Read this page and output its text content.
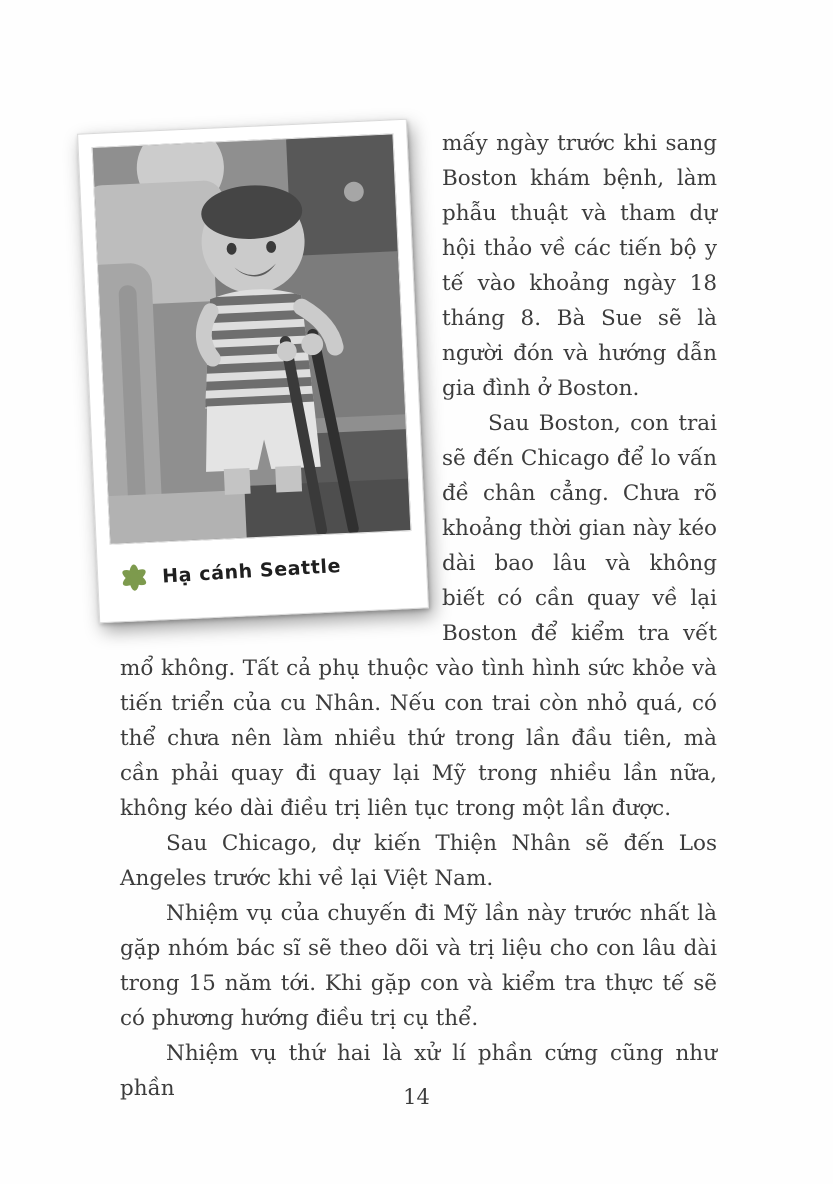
Hạ cánh Seattle

mấy ngày trước khi sang Boston khám bệnh, làm phẫu thuật và tham dự hội thảo về các tiến bộ y tế vào khoảng ngày 18 tháng 8. Bà Sue sẽ là người đón và hướng dẫn gia đình ở Boston.

Sau Boston, con trai sẽ đến Chicago để lo vấn đề chân cẳng. Chưa rõ khoảng thời gian này kéo dài bao lâu và không biết có cần quay về lại Boston để kiểm tra vết mổ không. Tất cả phụ thuộc vào tình hình sức khỏe và tiến triển của cu Nhân. Nếu con trai còn nhỏ quá, có thể chưa nên làm nhiều thứ trong lần đầu tiên, mà cần phải quay đi quay lại Mỹ trong nhiều lần nữa, không kéo dài điều trị liên tục trong một lần được.

Sau Chicago, dự kiến Thiện Nhân sẽ đến Los Angeles trước khi về lại Việt Nam.

Nhiệm vụ của chuyến đi Mỹ lần này trước nhất là gặp nhóm bác sĩ sẽ theo dõi và trị liệu cho con lâu dài trong 15 năm tới. Khi gặp con và kiểm tra thực tế sẽ có phương hướng điều trị cụ thể.

Nhiệm vụ thứ hai là xử lí phần cứng cũng như phần	14
